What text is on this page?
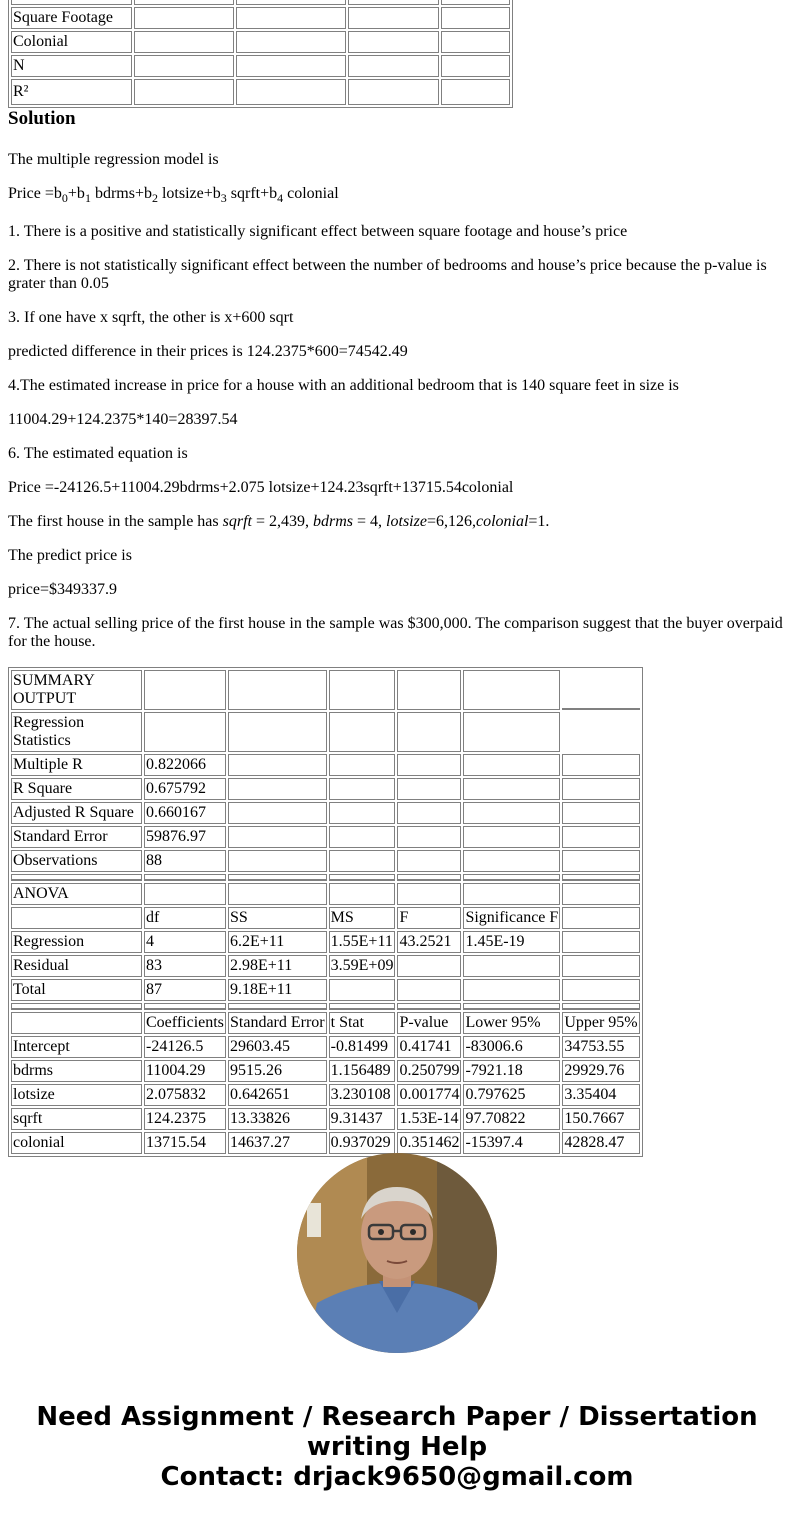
Square Footage				
Colonial				
N				
R²				
Solution

The multiple regression model is

Price $=b_0+b_1$ $bdrms+b_2$ $lotsize+b_3$ $sqrft+b_4$ colonial

1. There is a positive and statistically significant effect between square footage and house’s price

2. There is not statistically significant effect between the number of bedrooms and house’s price because the p-value is grater than 0.05

3. If one have x sqrft, the other is x+600 sqrt

predicted difference in their prices is 124.2375*600=74542.49

4.The estimated increase in price for a house with an additional bedroom that is 140 square feet in size is

11004.29+124.2375*140=28397.54

6. The estimated equation is

Price =-24126.5+11004.29bdrms+2.075 lotsize+124.23sqrft+13715.54colonial

The first house in the sample has sqrft = 2,439, bdrms = 4, lotsize=6,126,colonial=1.

The predict price is

price=$349337.9

7. The actual selling price of the first house in the sample was $300,000. The comparison suggest that the buyer overpaid for the house.

SUMMARY OUTPUT						
Regression Statistics						
Multiple R	0.822066					
R Square	0.675792					
Adjusted R Square	0.660167					
Standard Error	59876.97					
Observations	88					

ANOVA						
	df	SS	MS	F	Significance F	
Regression	4	6.2E+11	1.55E+11	43.2521	1.45E-19	
Residual	83	2.98E+11	3.59E+09			
Total	87	9.18E+11				

	Coefficients	Standard Error	t Stat	P-value	Lower 95%	Upper 95%
Intercept	-24126.5	29603.45	-0.81499	0.41741	-83006.6	34753.55
bdrms	11004.29	9515.26	1.156489	0.250799	-7921.18	29929.76
lotsize	2.075832	0.642651	3.230108	0.001774	0.797625	3.35404
sqrft	124.2375	13.33826	9.31437	1.53E-14	97.70822	150.7667
colonial	13715.54	14637.27	0.937029	0.351462	-15397.4	42828.47
Need Assignment / Research Paper / Dissertation
writing Help
Contact: drjack9650@gmail.com
